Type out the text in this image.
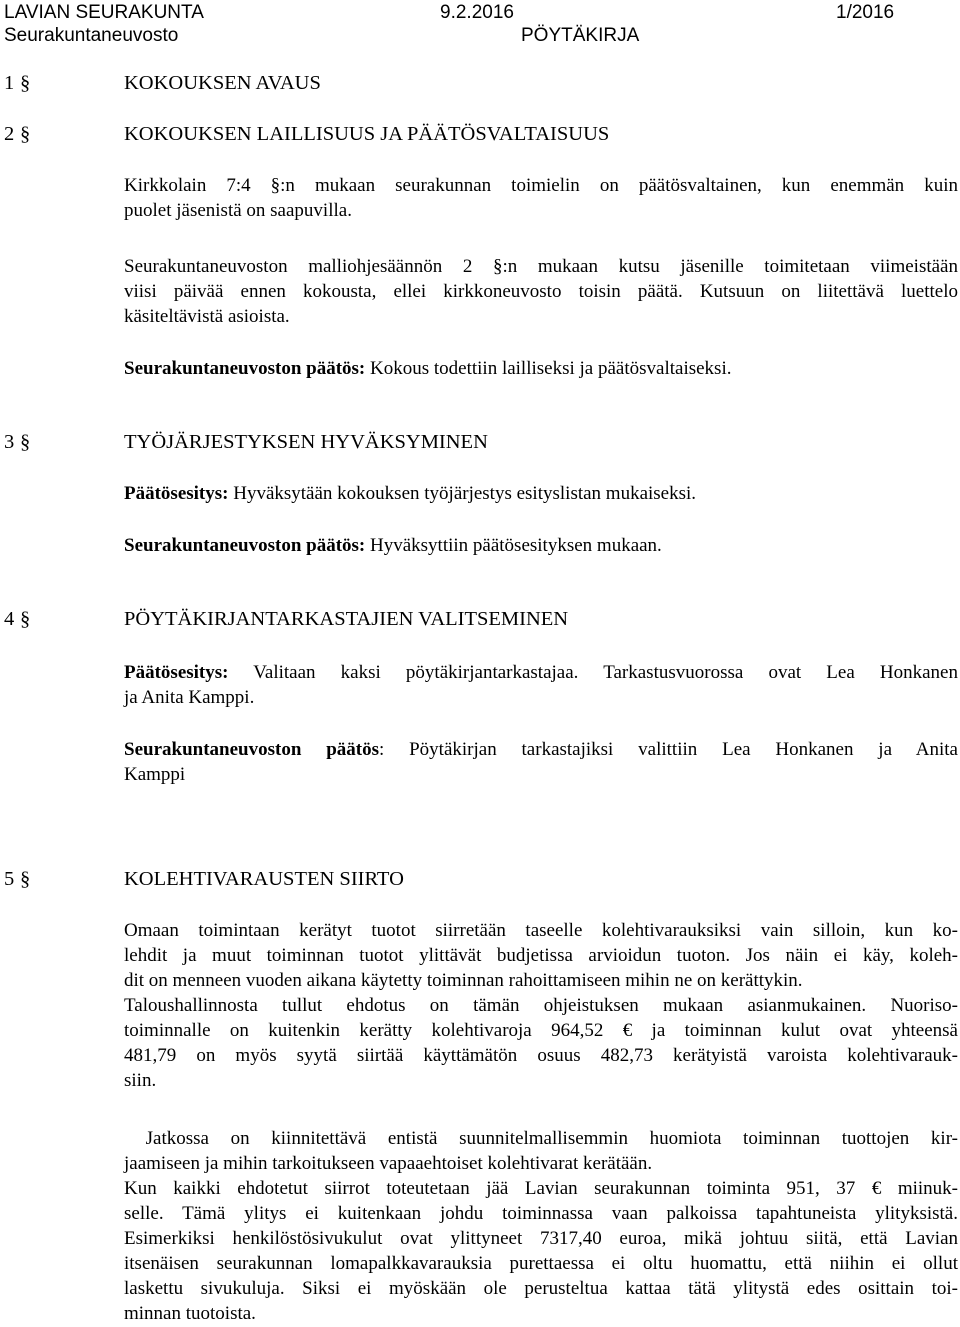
LAVIAN SEURAKUNTA	9.2.2016	1/2016
Seurakuntaneuvosto	PÖYTÄKIRJA
1 §	KOKOUKSEN AVAUS
2 §	KOKOUKSEN LAILLISUUS JA PÄÄTÖSVALTAISUUS
Kirkkolain 7:4 §:n mukaan seurakunnan toimielin on päätösvaltainen, kun enemmän kuin
puolet jäsenistä on saapuvilla.
Seurakuntaneuvoston malliohjesäännön 2 §:n mukaan kutsu jäsenille toimitetaan viimeistään
viisi päivää ennen kokousta, ellei kirkkoneuvosto toisin päätä. Kutsuun on liitettävä luettelo
käsiteltävistä asioista.
Seurakuntaneuvoston päätös: Kokous todettiin lailliseksi ja päätösvaltaiseksi.
3 §	TYÖJÄRJESTYKSEN HYVÄKSYMINEN
Päätösesitys: Hyväksytään kokouksen työjärjestys esityslistan mukaiseksi.
Seurakuntaneuvoston päätös: Hyväksyttiin päätösesityksen mukaan.
4 §	PÖYTÄKIRJANTARKASTAJIEN VALITSEMINEN
Päätösesitys: Valitaan kaksi pöytäkirjantarkastajaa. Tarkastusvuorossa ovat Lea Honkanen
ja Anita Kamppi.
Seurakuntaneuvoston päätös: Pöytäkirjan tarkastajiksi valittiin Lea Honkanen ja Anita
Kamppi
5 §	KOLEHTIVARAUSTEN SIIRTO
Omaan toimintaan kerätyt tuotot siirretään taseelle kolehtivarauksiksi vain silloin, kun ko-
lehdit ja muut toiminnan tuotot ylittävät budjetissa arvioidun tuoton. Jos näin ei käy, koleh-
dit on menneen vuoden aikana käytetty toiminnan rahoittamiseen mihin ne on kerättykin.
Taloushallinnosta tullut ehdotus on tämän ohjeistuksen mukaan asianmukainen. Nuoriso-
toiminnalle on kuitenkin kerätty kolehtivaroja 964,52 € ja toiminnan kulut ovat yhteensä
481,79 on myös syytä siirtää käyttämätön osuus 482,73 kerätyistä varoista kolehtivarauk-
siin.
Jatkossa on kiinnitettävä entistä suunnitelmallisemmin huomiota toiminnan tuottojen kir-
jaamiseen ja mihin tarkoitukseen vapaaehtoiset kolehtivarat kerätään.
Kun kaikki ehdotetut siirrot toteutetaan jää Lavian seurakunnan toiminta 951, 37 € miinuk-
selle. Tämä ylitys ei kuitenkaan johdu toiminnassa vaan palkoissa tapahtuneista ylityksistä.
Esimerkiksi henkilöstösivukulut ovat ylittyneet 7317,40 euroa, mikä johtuu siitä, että Lavian
itsenäisen seurakunnan lomapalkkavarauksia purettaessa ei oltu huomattu, että niihin ei ollut
laskettu sivukuluja. Siksi ei myöskään ole perusteltua kattaa tätä ylitystä edes osittain toi-
minnan tuotoista.
